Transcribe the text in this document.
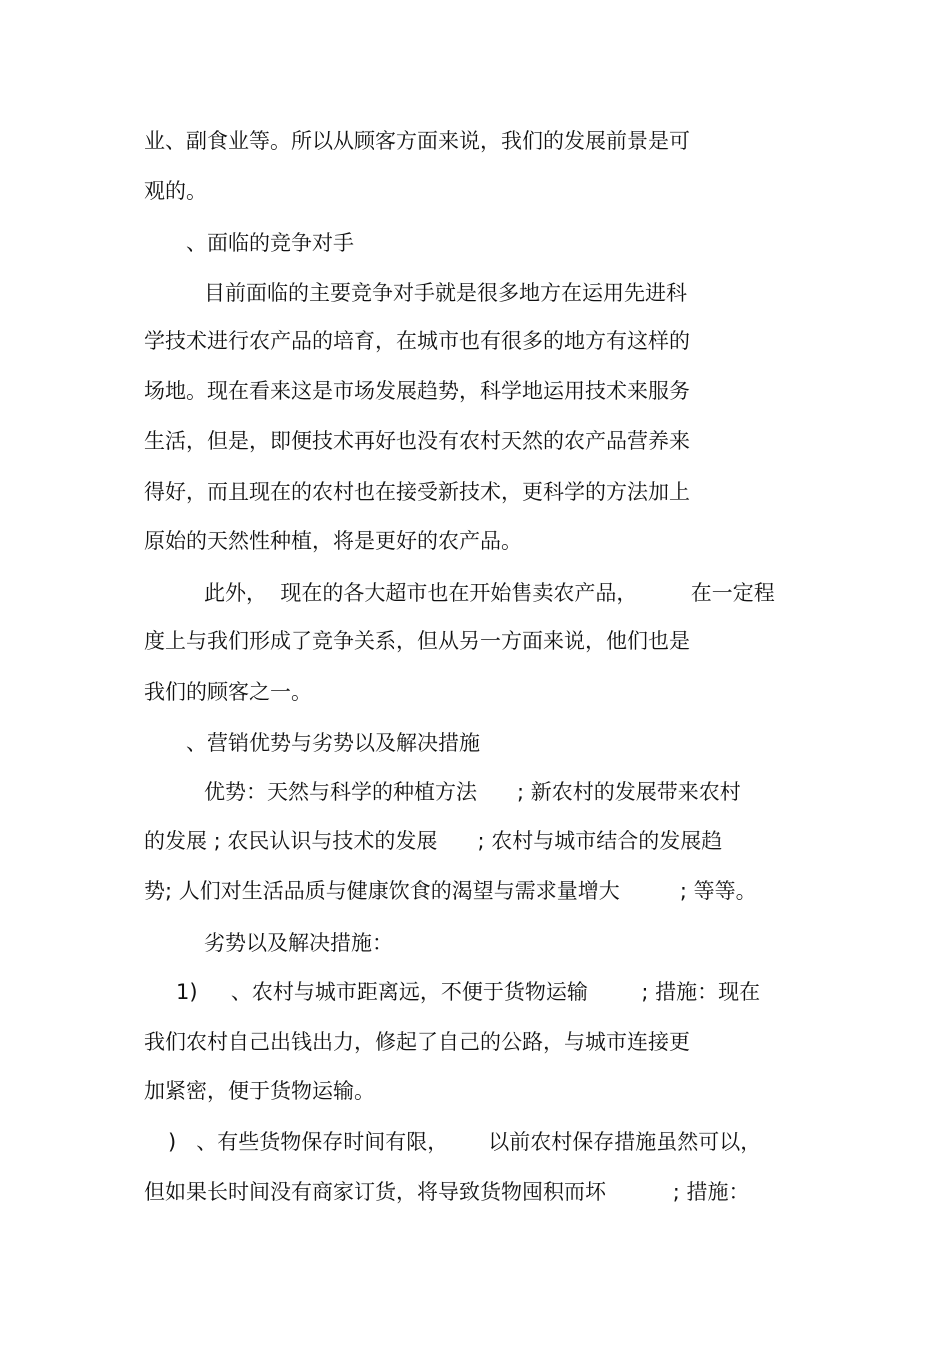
业、副食业等。所以从顾客方面来说，我们的发展前景是可

观的。

、面临的竞争对手

目前面临的主要竞争对手就是很多地方在运用先进科

学技术进行农产品的培育，在城市也有很多的地方有这样的

场地。现在看来这是市场发展趋势，科学地运用技术来服务

生活，但是，即便技术再好也没有农村天然的农产品营养来

得好，而且现在的农村也在接受新技术，更科学的方法加上

原始的天然性种植，将是更好的农产品。

此外，  现在的各大超市也在开始售卖农产品，        在一定程

度上与我们形成了竞争关系，但从另一方面来说，他们也是

我们的顾客之一。

、营销优势与劣势以及解决措施

优势：天然与科学的种植方法      ; 新农村的发展带来农村

的发展 ; 农民认识与技术的发展      ; 农村与城市结合的发展趋

势; 人们对生活品质与健康饮食的渴望与需求量增大         ; 等等。

劣势以及解决措施：

1)     、农村与城市距离远，不便于货物运输        ; 措施：现在

我们农村自己出钱出力，修起了自己的公路，与城市连接更

加紧密，便于货物运输。

)   、有些货物保存时间有限，      以前农村保存措施虽然可以，

但如果长时间没有商家订货，将导致货物囤积而坏          ; 措施：
